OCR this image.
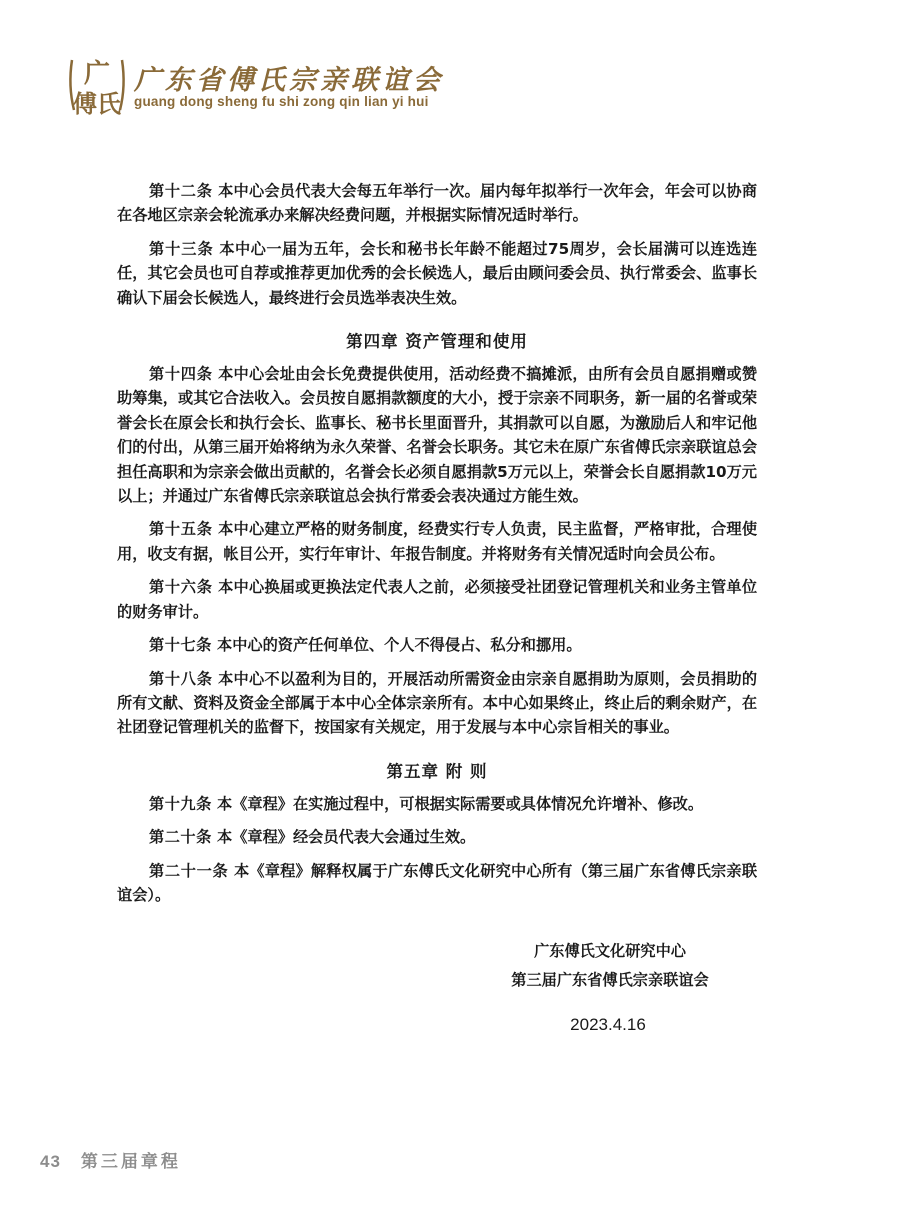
广
傅氏
广东省傅氏宗亲联谊会
guang dong sheng fu shi zong qin lian yi hui

第十二条 本中心会员代表大会每五年举行一次。届内每年拟举行一次年会，年会可以协商在各地区宗亲会轮流承办来解决经费问题，并根据实际情况适时举行。

第十三条 本中心一届为五年，会长和秘书长年龄不能超过75周岁，会长届满可以连选连任，其它会员也可自荐或推荐更加优秀的会长候选人，最后由顾问委会员、执行常委会、监事长确认下届会长候选人，最终进行会员选举表决生效。

第四章 资产管理和使用

第十四条 本中心会址由会长免费提供使用，活动经费不搞摊派，由所有会员自愿捐赠或赞助筹集，或其它合法收入。会员按自愿捐款额度的大小，授于宗亲不同职务，新一届的名誉或荣誉会长在原会长和执行会长、监事长、秘书长里面晋升，其捐款可以自愿，为激励后人和牢记他们的付出，从第三届开始将纳为永久荣誉、名誉会长职务。其它未在原广东省傅氏宗亲联谊总会担任高职和为宗亲会做出贡献的，名誉会长必须自愿捐款5万元以上，荣誉会长自愿捐款10万元以上；并通过广东省傅氏宗亲联谊总会执行常委会表决通过方能生效。

第十五条 本中心建立严格的财务制度，经费实行专人负责，民主监督，严格审批，合理使用，收支有据，帐目公开，实行年审计、年报告制度。并将财务有关情况适时向会员公布。

第十六条 本中心换届或更换法定代表人之前，必须接受社团登记管理机关和业务主管单位的财务审计。

第十七条 本中心的资产任何单位、个人不得侵占、私分和挪用。

第十八条 本中心不以盈利为目的，开展活动所需资金由宗亲自愿捐助为原则，会员捐助的所有文献、资料及资金全部属于本中心全体宗亲所有。本中心如果终止，终止后的剩余财产，在社团登记管理机关的监督下，按国家有关规定，用于发展与本中心宗旨相关的事业。

第五章 附 则

第十九条 本《章程》在实施过程中，可根据实际需要或具体情况允许增补、修改。

第二十条 本《章程》经会员代表大会通过生效。

第二十一条 本《章程》解释权属于广东傅氏文化研究中心所有（第三届广东省傅氏宗亲联谊会）。

广东傅氏文化研究中心
第三届广东省傅氏宗亲联谊会
2023.4.16
43 第三届章程
